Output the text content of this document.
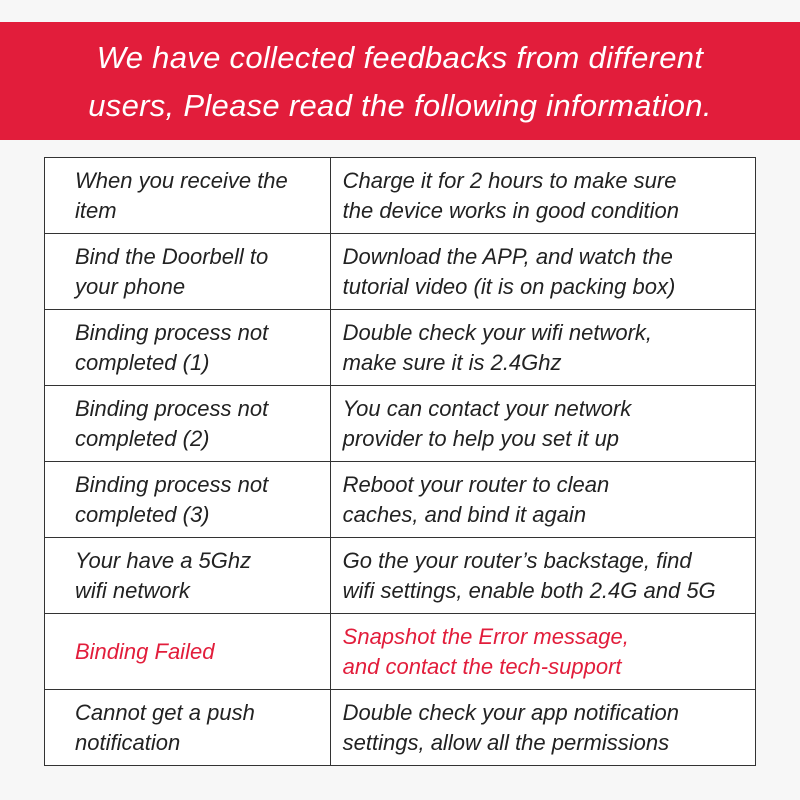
We have collected feedbacks from different
users, Please read the following information.
When you receive the
item	Charge it for 2 hours to make sure
the device works in good condition

Bind the Doorbell to
your phone	Download the APP, and watch the
tutorial video (it is on packing box)

Binding process not
completed (1)	Double check your wifi network,
make sure it is 2.4Ghz

Binding process not
completed (2)	You can contact your network
provider to help you set it up

Binding process not
completed (3)	Reboot your router to clean
caches, and bind it again

Your have a 5Ghz
wifi network	Go the your router’s backstage, find
wifi settings, enable both 2.4G and 5G

Binding Failed	Snapshot the Error message,
and contact the tech-support

Cannot get a push
notification	Double check your app notification
settings, allow all the permissions
